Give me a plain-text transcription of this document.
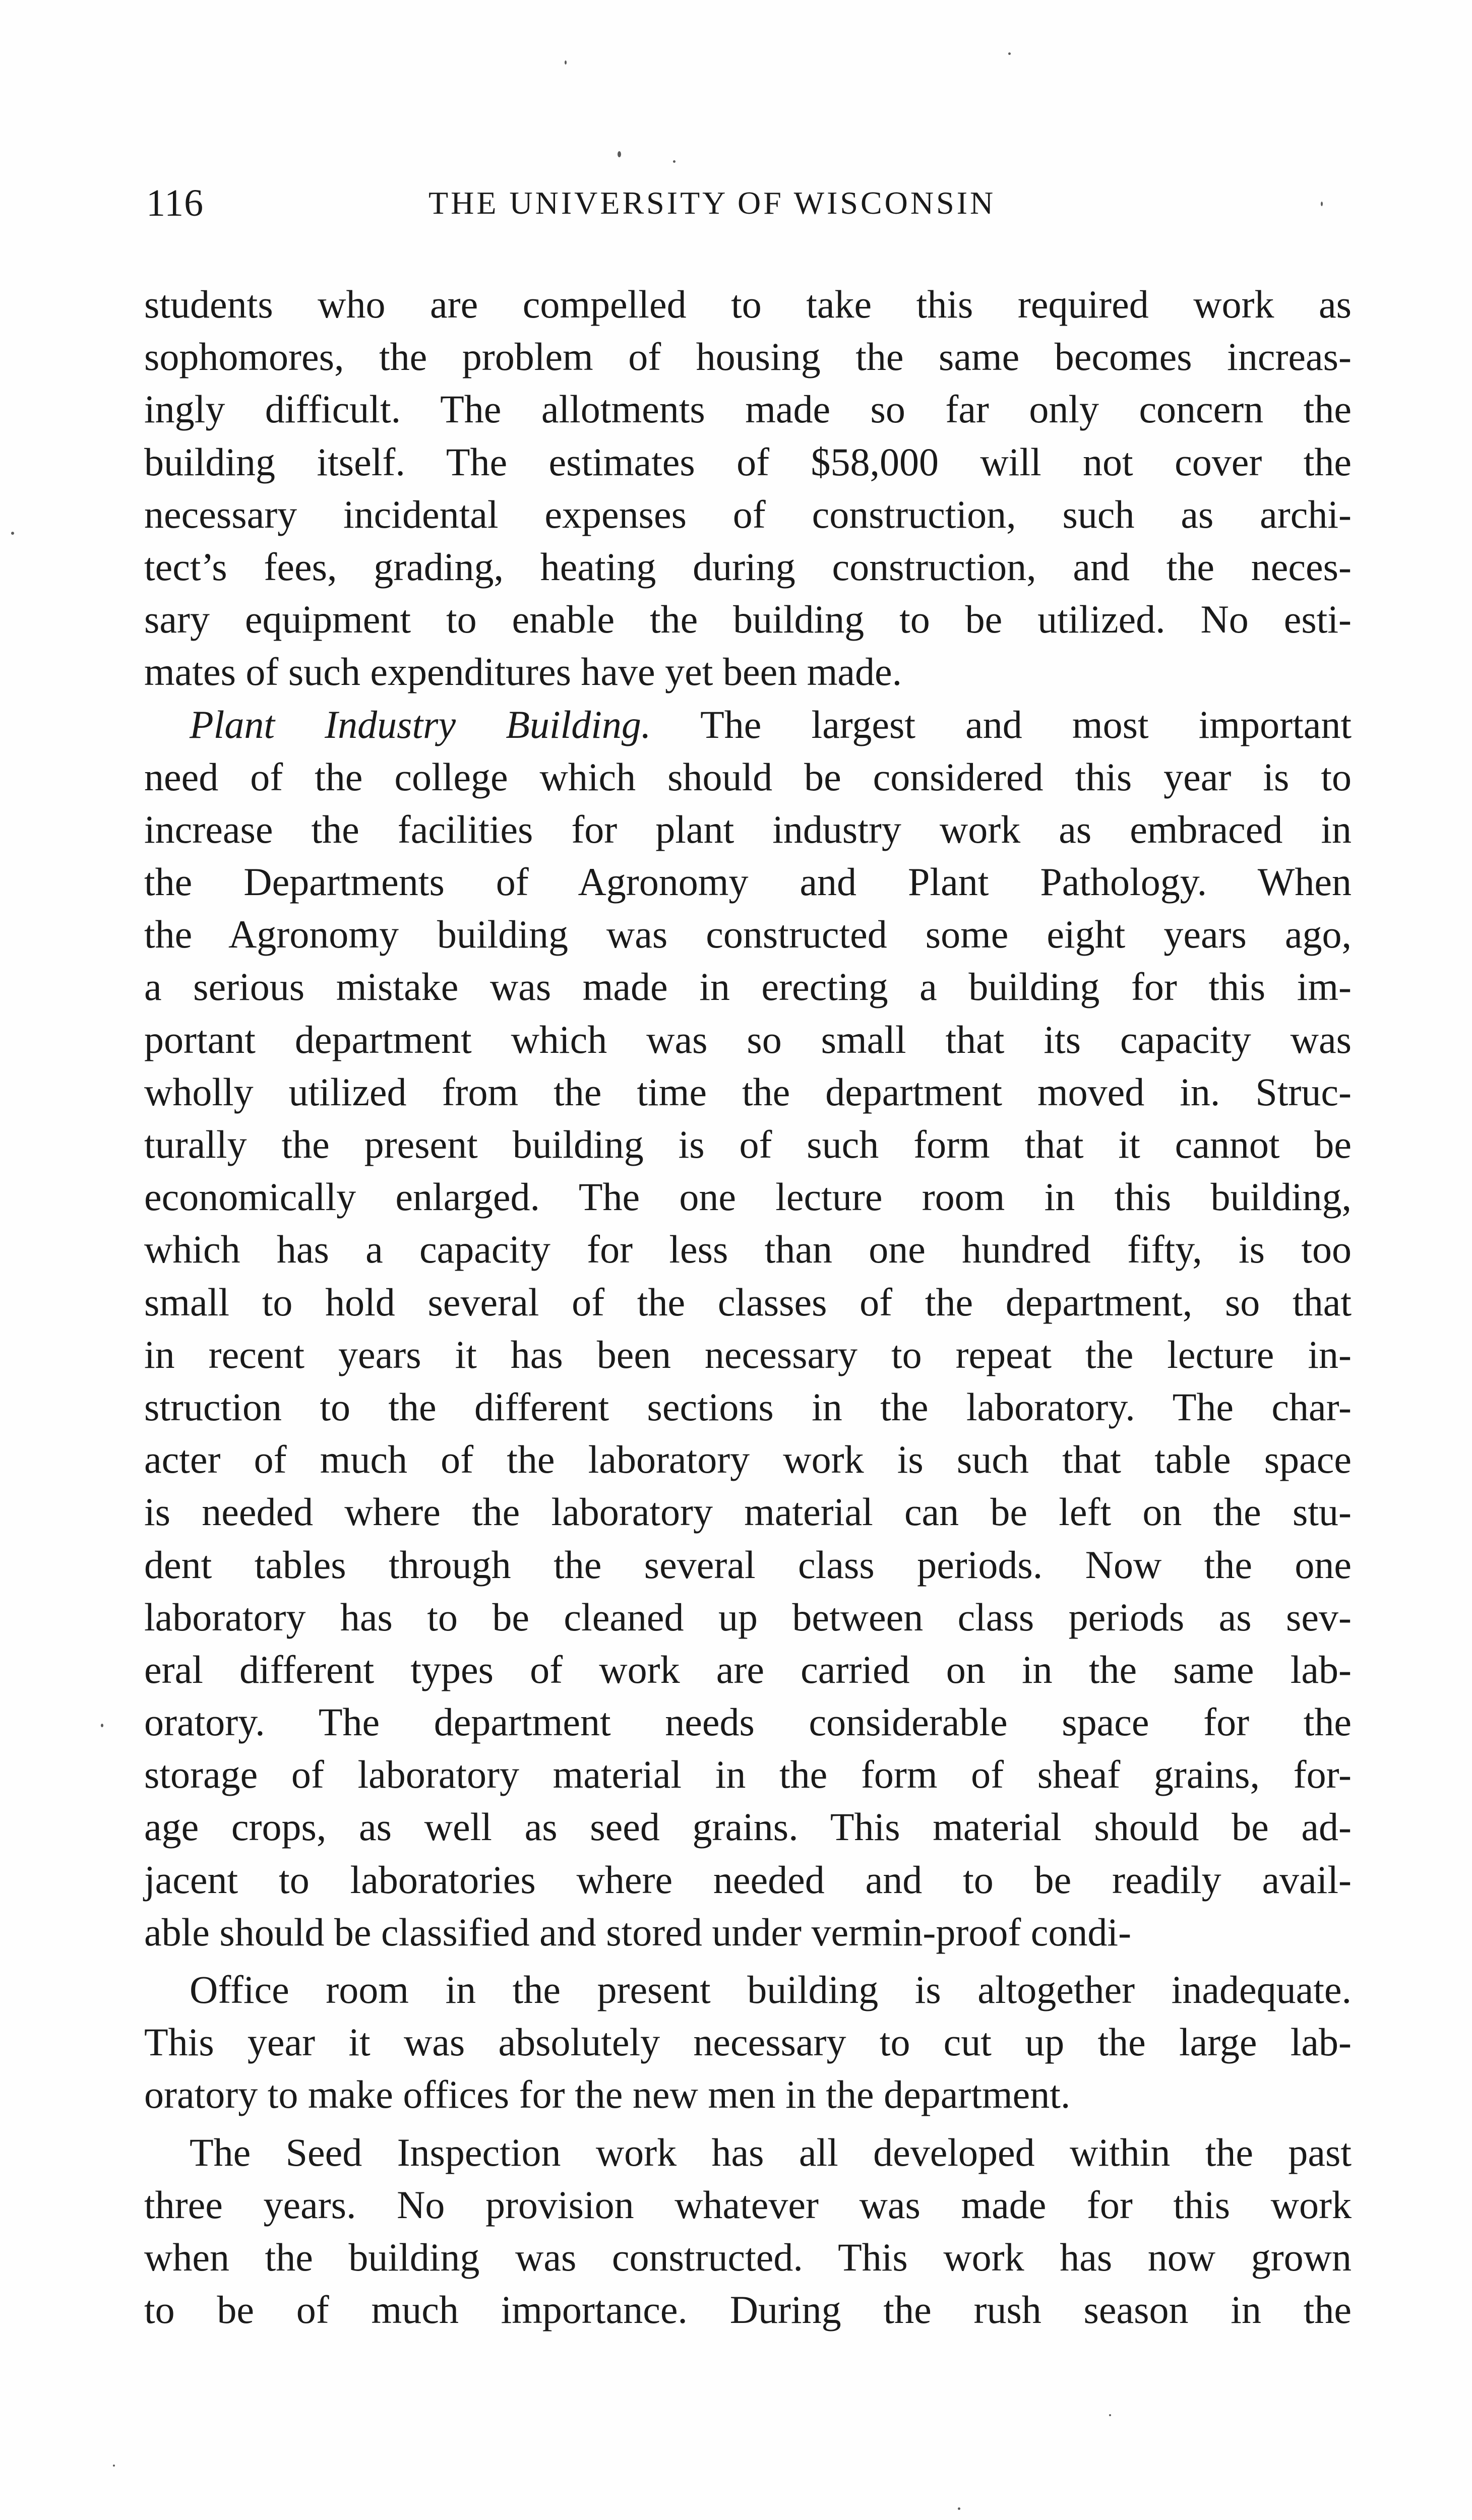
116	THE UNIVERSITY OF WISCONSIN
students who are compelled to take this required work as
sophomores, the problem of housing the same becomes increas-
ingly difficult. The allotments made so far only concern the
building itself. The estimates of $58,000 will not cover the
necessary incidental expenses of construction, such as archi-
tect’s fees, grading, heating during construction, and the neces-
sary equipment to enable the building to be utilized. No esti-
mates of such expenditures have yet been made.
Plant Industry Building. The largest and most important
need of the college which should be considered this year is to
increase the facilities for plant industry work as embraced in
the Departments of Agronomy and Plant Pathology. When
the Agronomy building was constructed some eight years ago,
a serious mistake was made in erecting a building for this im-
portant department which was so small that its capacity was
wholly utilized from the time the department moved in. Struc-
turally the present building is of such form that it cannot be
economically enlarged. The one lecture room in this building,
which has a capacity for less than one hundred fifty, is too
small to hold several of the classes of the department, so that
in recent years it has been necessary to repeat the lecture in-
struction to the different sections in the laboratory. The char-
acter of much of the laboratory work is such that table space
is needed where the laboratory material can be left on the stu-
dent tables through the several class periods. Now the one
laboratory has to be cleaned up between class periods as sev-
eral different types of work are carried on in the same lab-
oratory. The department needs considerable space for the
storage of laboratory material in the form of sheaf grains, for-
age crops, as well as seed grains. This material should be ad-
jacent to laboratories where needed and to be readily avail-
able should be classified and stored under vermin-proof condi-
Office room in the present building is altogether inadequate.
This year it was absolutely necessary to cut up the large lab-
oratory to make offices for the new men in the department.
The Seed Inspection work has all developed within the past
three years. No provision whatever was made for this work
when the building was constructed. This work has now grown
to be of much importance. During the rush season in the
